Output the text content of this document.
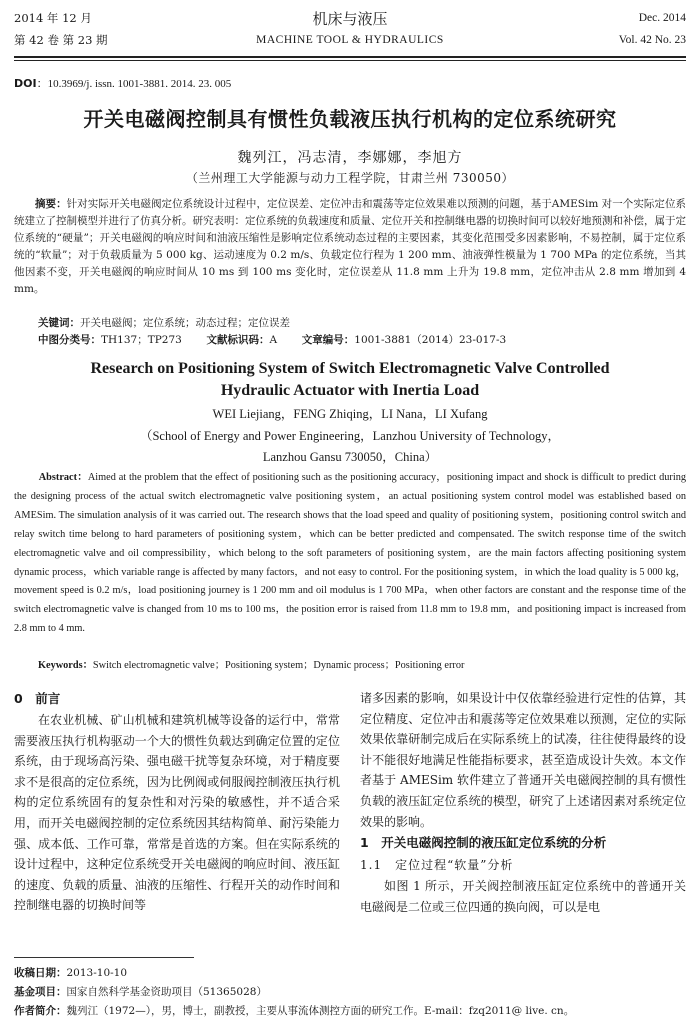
2014 年 12 月
第 42 卷 第 23 期
机床与液压
MACHINE TOOL & HYDRAULICS
Dec. 2014
Vol. 42 No. 23
DOI：10.3969/j. issn. 1001-3881. 2014. 23. 005
开关电磁阀控制具有惯性负载液压执行机构的定位系统研究
魏列江，冯志清，李娜娜，李旭方
（兰州理工大学能源与动力工程学院，甘肃兰州 730050）
摘要：针对实际开关电磁阀定位系统设计过程中，定位误差、定位冲击和震荡等定位效果难以预测的问题，基于AMESim 对一个实际定位系统建立了控制模型并进行了仿真分析。研究表明：定位系统的负载速度和质量、定位开关和控制继电器的切换时间可以较好地预测和补偿，属于定位系统的“硬量”；开关电磁阀的响应时间和油液压缩性是影响定位系统动态过程的主要因素，其变化范围受多因素影响，不易控制，属于定位系统的“软量”；对于负载质量为 5 000 kg、运动速度为 0.2 m/s、负载定位行程为 1 200 mm、油液弹性模量为 1 700 MPa 的定位系统，当其他因素不变，开关电磁阀的响应时间从 10 ms 到 100 ms 变化时，定位误差从 11.8 mm 上升为 19.8 mm，定位冲击从 2.8 mm 增加到 4 mm。
关键词：开关电磁阀；定位系统；动态过程；定位误差
中图分类号：TH137；TP273 文献标识码：A 文章编号：1001-3881（2014）23-017-3
Research on Positioning System of Switch Electromagnetic Valve Controlled
Hydraulic Actuator with Inertia Load
WEI Liejiang，FENG Zhiqing，LI Nana，LI Xufang
（School of Energy and Power Engineering，Lanzhou University of Technology，
Lanzhou Gansu 730050，China）
Abstract：Aimed at the problem that the effect of positioning such as the positioning accuracy，positioning impact and shock is difficult to predict during the designing process of the actual switch electromagnetic valve positioning system，an actual positioning system control model was established based on AMESim. The simulation analysis of it was carried out. The research shows that the load speed and quality of positioning system，positioning control switch and relay switch time belong to hard parameters of positioning system，which can be better predicted and compensated. The switch response time of the switch electromagnetic valve and oil compressibility，which belong to the soft parameters of positioning system，are the main factors affecting positioning system dynamic process，which variable range is affected by many factors，and not easy to control. For the positioning system，in which the load quality is 5 000 kg，movement speed is 0.2 m/s，load positioning journey is 1 200 mm and oil modulus is 1 700 MPa，when other factors are constant and the response time of the switch electromagnetic valve is changed from 10 ms to 100 ms，the position error is raised from 11.8 mm to 19.8 mm，and positioning impact is increased from 2.8 mm to 4 mm.
Keywords：Switch electromagnetic valve；Positioning system；Dynamic process；Positioning error
0　前言

在农业机械、矿山机械和建筑机械等设备的运行中，常常需要液压执行机构驱动一个大的惯性负载达到确定位置的定位系统，由于现场高污染、强电磁干扰等复杂环境，对于精度要求不是很高的定位系统，因为比例阀或伺服阀控制液压执行机构的定位系统固有的复杂性和对污染的敏感性，并不适合采用，而开关电磁阀控制的定位系统因其结构简单、耐污染能力强、成本低、工作可靠，常常是首选的方案。但在实际系统的设计过程中，这种定位系统受开关电磁阀的响应时间、液压缸的速度、负载的质量、油液的压缩性、行程开关的动作时间和控制继电器的切换时间等

诸多因素的影响，如果设计中仅依靠经验进行定性的估算，其定位精度、定位冲击和震荡等定位效果难以预测，定位的实际效果依靠研制完成后在实际系统上的试凑，往往使得最终的设计不能很好地满足性能指标要求，甚至造成设计失效。本文作者基于 AMESim 软件建立了普通开关电磁阀控制的具有惯性负载的液压缸定位系统的模型，研究了上述诸因素对系统定位效果的影响。

1　开关电磁阀控制的液压缸定位系统的分析
1.1　定位过程“软量”分析

如图 1 所示，开关阀控制液压缸定位系统中的普通开关电磁阀是二位或三位四通的换向阀，可以是电

收稿日期：2013-10-10
基金项目：国家自然科学基金资助项目（51365028）
作者简介：魏列江（1972—），男，博士，副教授，主要从事流体测控方面的研究工作。E-mail：fzq2011@ live. cn。
